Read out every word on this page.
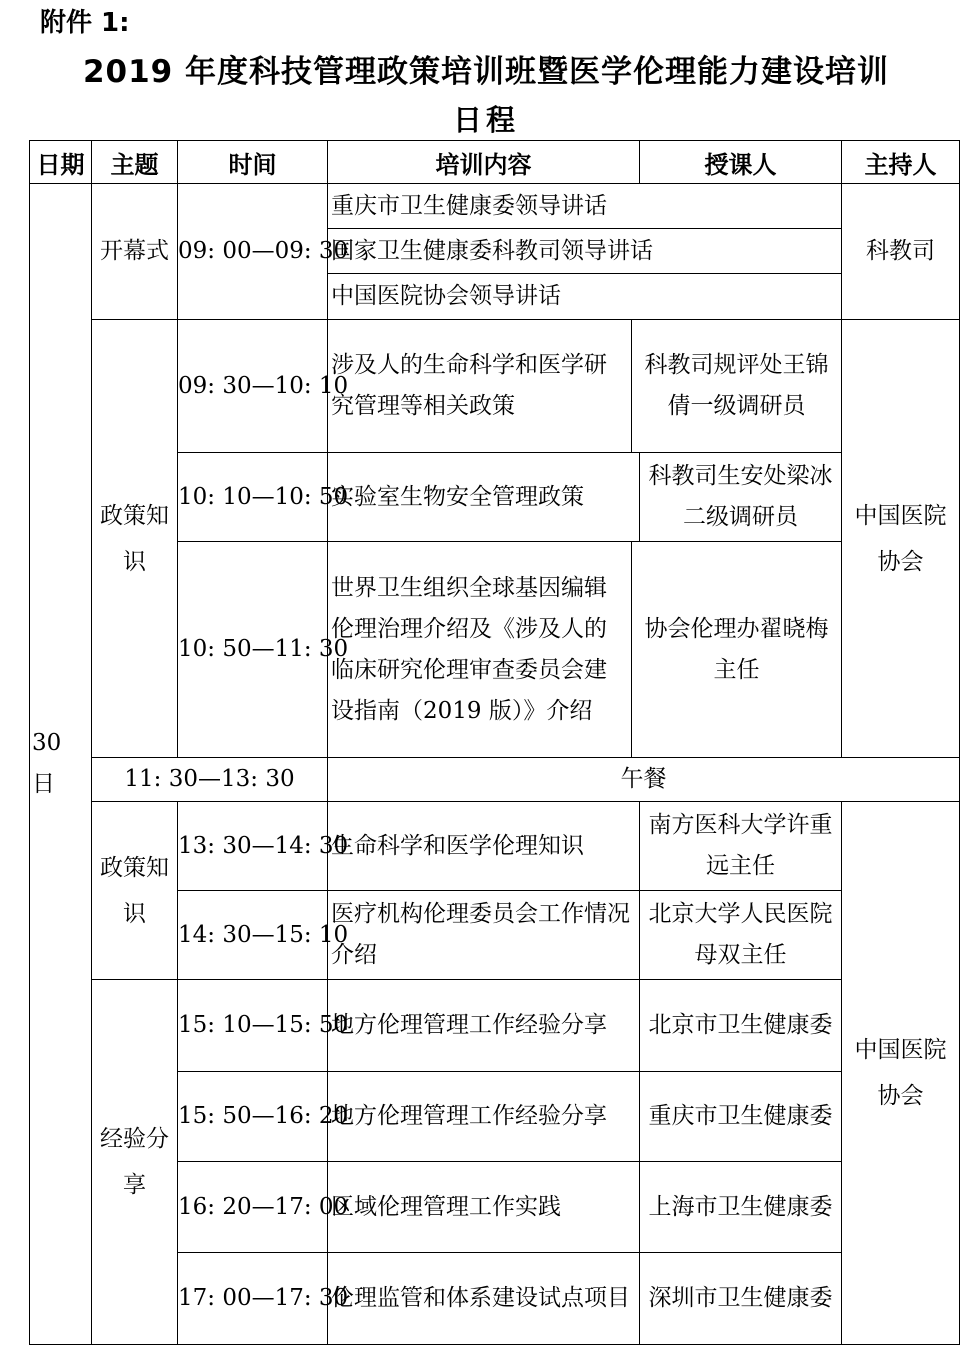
附件 1:
2019 年度科技管理政策培训班暨医学伦理能力建设培训
日程
日期	主题	时间	培训内容		授课人	主持人
30 日	开幕式	09: 00—09: 30	重庆市卫生健康委领导讲话			科教司
			国家卫生健康委科教司领导讲话			
			中国医院协会领导讲话			
	政策知识	09: 30—10: 10	涉及人的生命科学和医学研究管理等相关政策	科教司规评处王锦倩一级调研员		中国医院协会
		10: 10—10: 50	实验室生物安全管理政策		科教司生安处梁冰二级调研员	
		10: 50—11: 30	世界卫生组织全球基因编辑伦理治理介绍及《涉及人的临床研究伦理审查委员会建设指南（2019 版）》介绍	协会伦理办翟晓梅主任		
	11: 30—13: 30		午餐			
	政策知识	13: 30—14: 30	生命科学和医学伦理知识		南方医科大学许重远主任	中国医院协会
		14: 30—15: 10	医疗机构伦理委员会工作情况介绍		北京大学人民医院 母双主任	
	经验分享	15: 10—15: 50	地方伦理管理工作经验分享		北京市卫生健康委	
		15: 50—16: 20	地方伦理管理工作经验分享		重庆市卫生健康委	
		16: 20—17: 00	区域伦理管理工作实践		上海市卫生健康委	
		17: 00—17: 30	伦理监管和体系建设试点项目		深圳市卫生健康委	
